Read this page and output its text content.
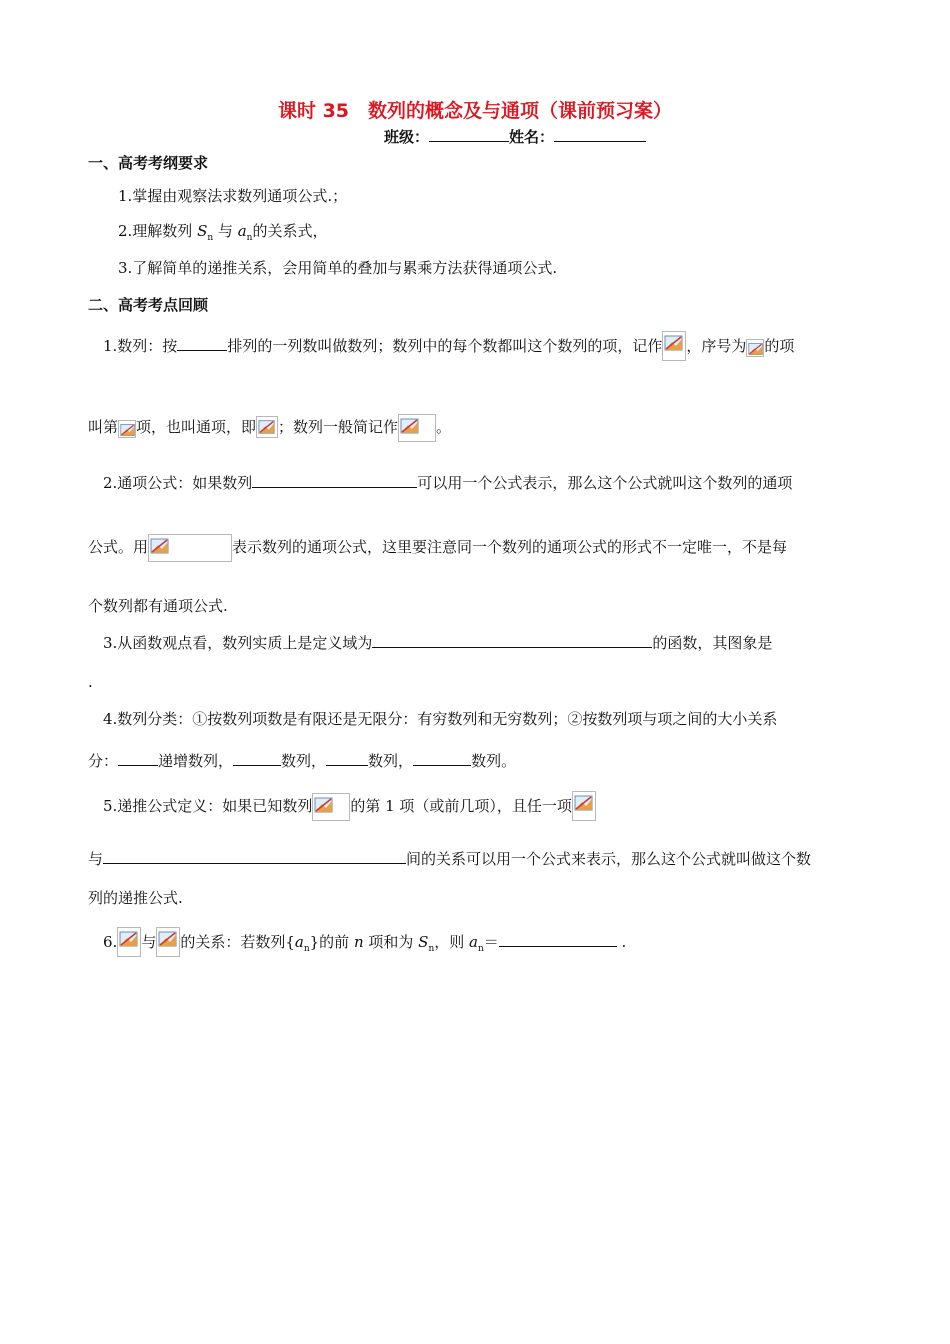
课时 35　数列的概念及与通项（课前预习案）
班级：	姓名：
一、高考考纲要求
1.掌握由观察法求数列通项公式.；
2.理解数列 $S_n$ 与 $a_n$的关系式，
3.了解简单的递推关系，会用简单的叠加与累乘方法获得通项公式.
二、高考考点回顾
1.数列：按	排列的一列数叫做数列；数列中的每个数都叫这个数列的项，记作 ，序号为 的项
叫第 项，也叫通项，即 ；数列一般简记作	。
2.通项公式：如果数列	可以用一个公式表示，那么这个公式就叫这个数列的通项
公式。用	表示数列的通项公式，这里要注意同一个数列的通项公式的形式不一定唯一，不是每
个数列都有通项公式.
3.从函数观点看，数列实质上是定义域为	的函数，其图象是
.
4.数列分类：①按数列项数是有限还是无限分：有穷数列和无穷数列；②按数列项与项之间的大小关系
分：	递增数列，	数列，	数列，	数列。
5.递推公式定义：如果已知数列	的第 1 项（或前几项），且任一项
与	间的关系可以用一个公式来表示，那么这个公式就叫做这个数
列的递推公式.
6. 与 的关系：若数列$\{a_n\}$的前 n 项和为 $S_n$，则 $a_n=$	.
